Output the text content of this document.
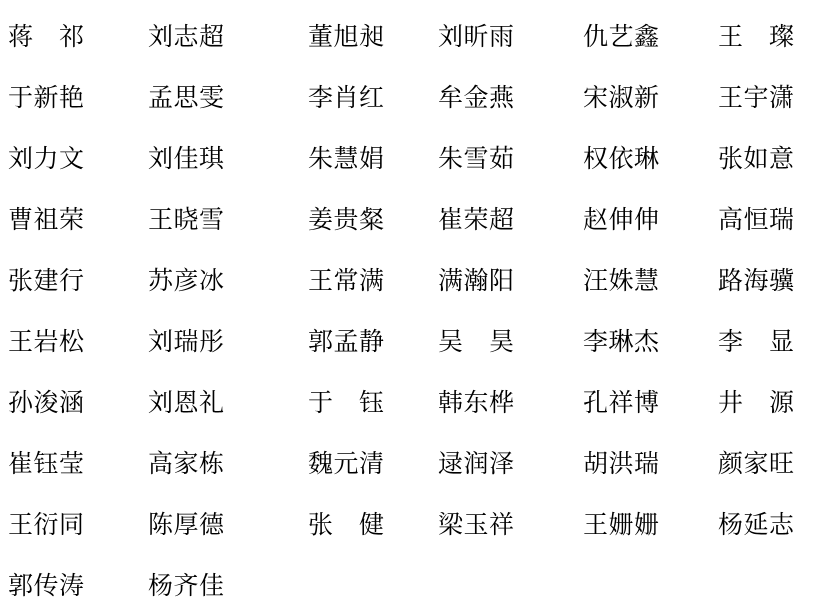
蒋　祁	刘志超	董旭昶	刘昕雨	仇艺鑫	王　璨
于新艳	孟思雯	李肖红	牟金燕	宋淑新	王宇潇
刘力文	刘佳琪	朱慧娟	朱雪茹	权依琳	张如意
曹祖荣	王晓雪	姜贵粲	崔荣超	赵伸伸	高恒瑞
张建行	苏彦冰	王常满	满瀚阳	汪姝慧	路海骥
王岩松	刘瑞彤	郭孟静	吴　昊	李琳杰	李　显
孙浚涵	刘恩礼	于　钰	韩东桦	孔祥博	井　源
崔钰莹	高家栋	魏元清	逯润泽	胡洪瑞	颜家旺
王衍同	陈厚德	张　健	梁玉祥	王姗姗	杨延志
郭传涛	杨齐佳
